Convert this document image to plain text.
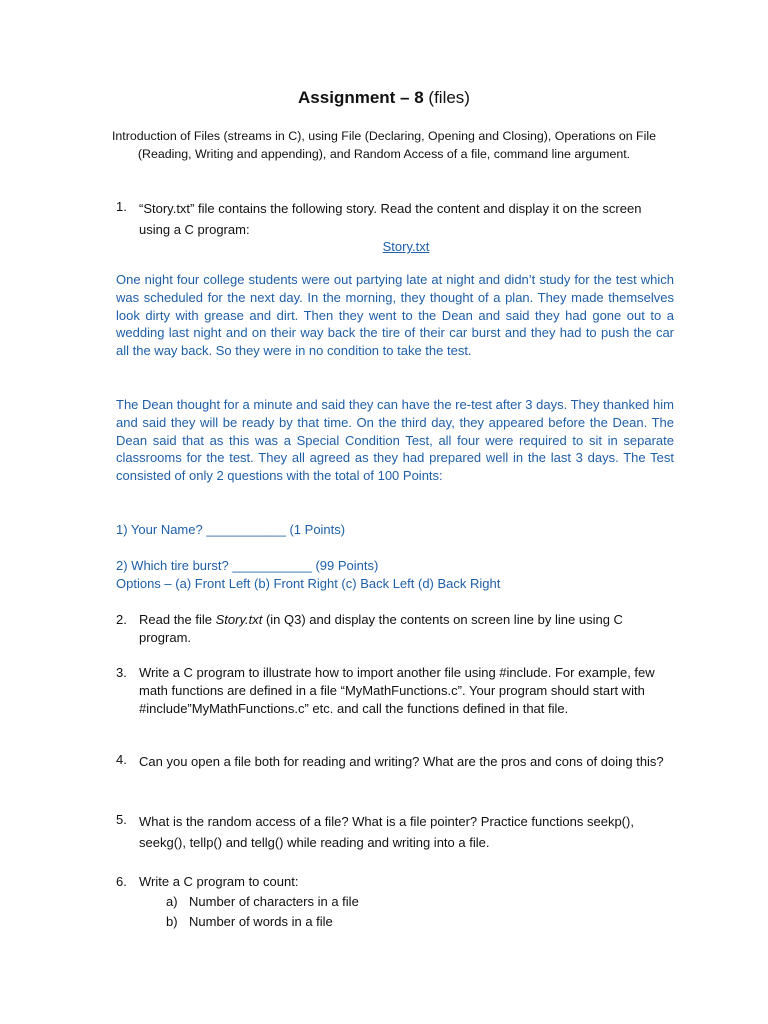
Assignment – 8 (files)
Introduction of Files (streams in C), using File (Declaring, Opening and Closing), Operations on File (Reading, Writing and appending), and Random Access of a file, command line argument.
1. “Story.txt” file contains the following story. Read the content and display it on the screen using a C program:
Story.txt
One night four college students were out partying late at night and didn’t study for the test which was scheduled for the next day. In the morning, they thought of a plan. They made themselves look dirty with grease and dirt. Then they went to the Dean and said they had gone out to a wedding last night and on their way back the tire of their car burst and they had to push the car all the way back. So they were in no condition to take the test.
The Dean thought for a minute and said they can have the re-test after 3 days. They thanked him and said they will be ready by that time. On the third day, they appeared before the Dean. The Dean said that as this was a Special Condition Test, all four were required to sit in separate classrooms for the test. They all agreed as they had prepared well in the last 3 days. The Test consisted of only 2 questions with the total of 100 Points:
1) Your Name? ___________ (1 Points)
2) Which tire burst? ___________ (99 Points)
Options – (a) Front Left (b) Front Right (c) Back Left (d) Back Right
2. Read the file Story.txt (in Q3) and display the contents on screen line by line using C program.
3. Write a C program to illustrate how to import another file using #include. For example, few math functions are defined in a file “MyMathFunctions.c”. Your program should start with #include”MyMathFunctions.c” etc. and call the functions defined in that file.
4. Can you open a file both for reading and writing? What are the pros and cons of doing this?
5. What is the random access of a file? What is a file pointer? Practice functions seekp(), seekg(), tellp() and tellg() while reading and writing into a file.
6. Write a C program to count:
a) Number of characters in a file
b) Number of words in a file
